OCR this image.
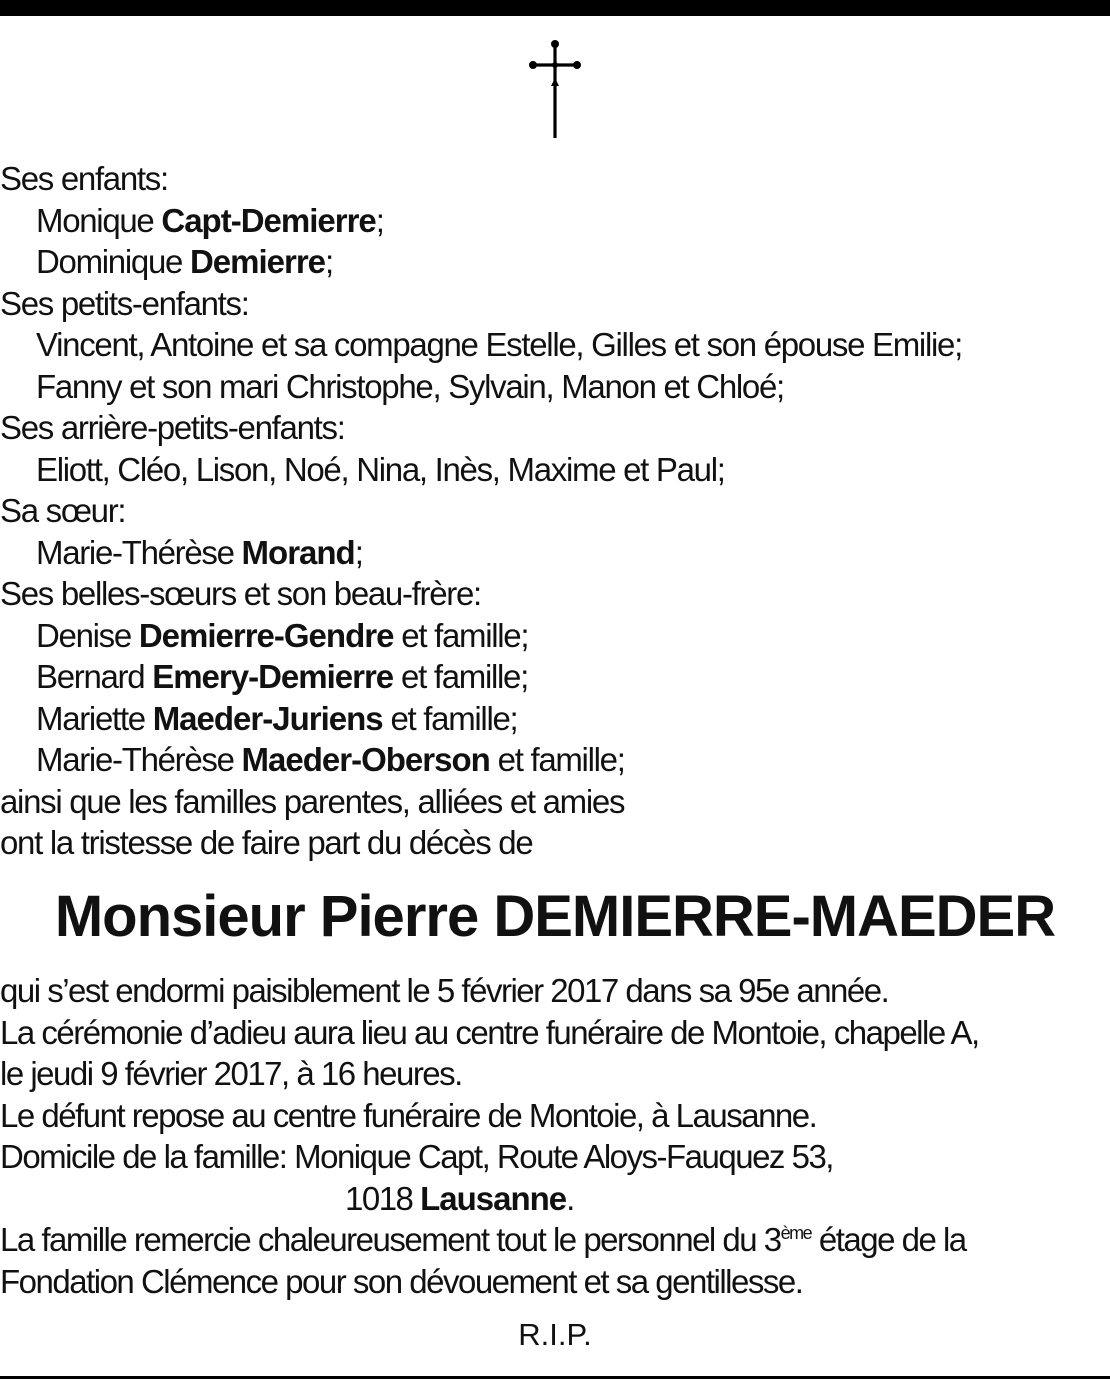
Ses enfants:
Monique Capt-Demierre;
Dominique Demierre;
Ses petits-enfants:
Vincent, Antoine et sa compagne Estelle, Gilles et son épouse Emilie;
Fanny et son mari Christophe, Sylvain, Manon et Chloé;
Ses arrière-petits-enfants:
Eliott, Cléo, Lison, Noé, Nina, Inès, Maxime et Paul;
Sa sœur:
Marie-Thérèse Morand;
Ses belles-sœurs et son beau-frère:
Denise Demierre-Gendre et famille;
Bernard Emery-Demierre et famille;
Mariette Maeder-Juriens et famille;
Marie-Thérèse Maeder-Oberson et famille;
ainsi que les familles parentes, alliées et amies
ont la tristesse de faire part du décès de
Monsieur Pierre DEMIERRE-MAEDER
qui s’est endormi paisiblement le 5 février 2017 dans sa 95e année.
La cérémonie d’adieu aura lieu au centre funéraire de Montoie, chapelle A,
le jeudi 9 février 2017, à 16 heures.
Le défunt repose au centre funéraire de Montoie, à Lausanne.
Domicile de la famille: Monique Capt, Route Aloys-Fauquez 53,
1018 Lausanne.
La famille remercie chaleureusement tout le personnel du 3ème étage de la
Fondation Clémence pour son dévouement et sa gentillesse.
R.I.P.
